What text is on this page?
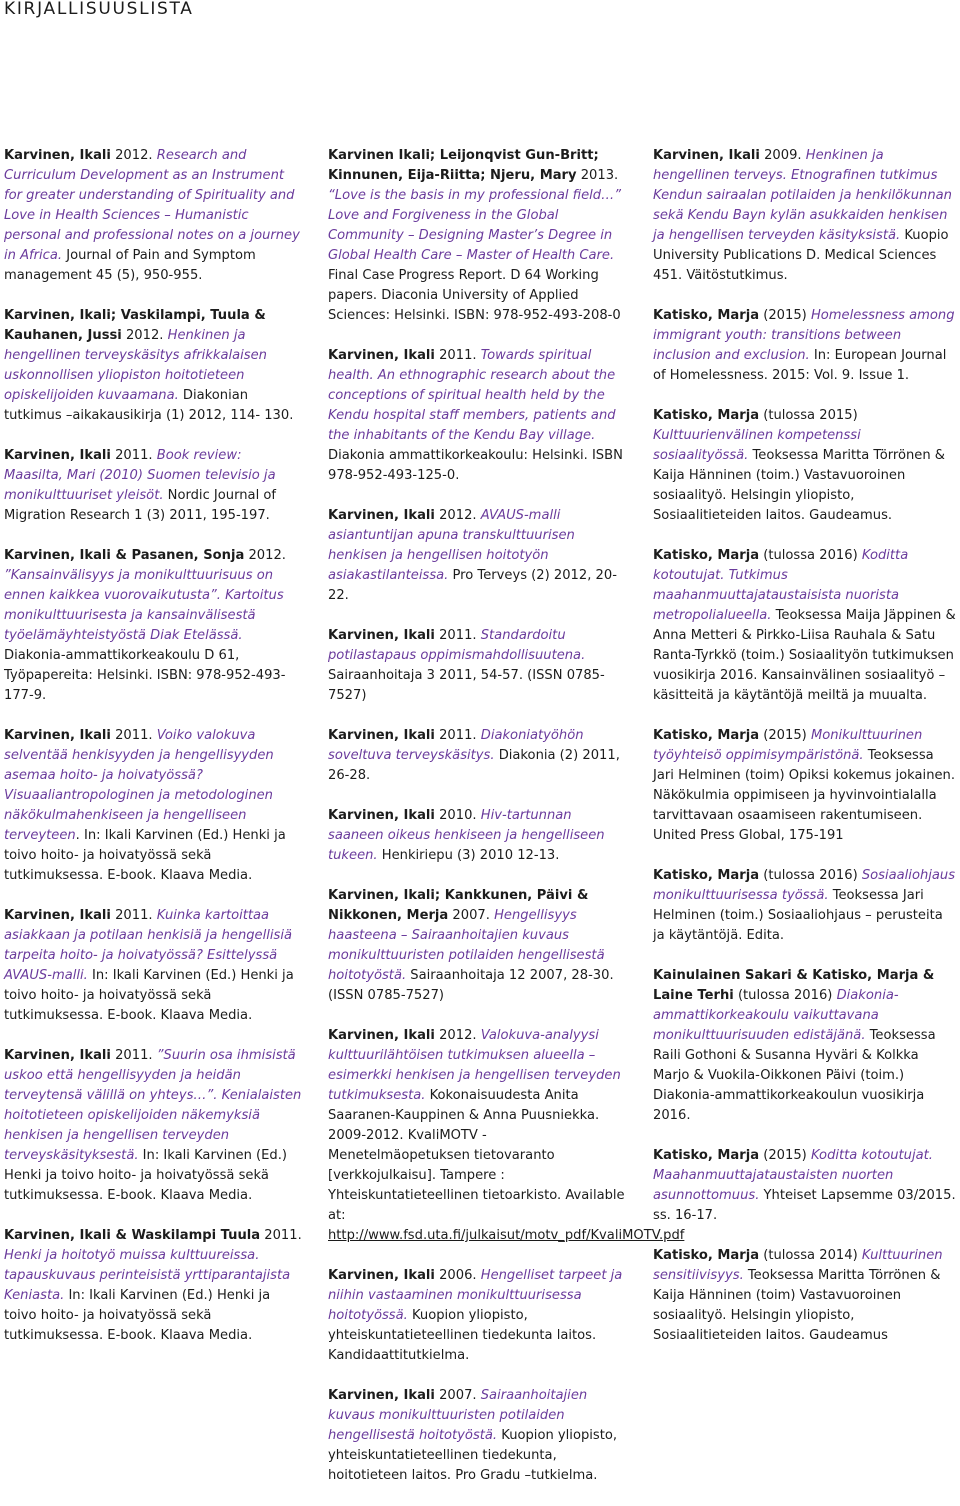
KIRJALLISUUSLISTA

Karvinen, Ikali 2012. Research and Curriculum Development as an Instrument for greater understanding of Spirituality and Love in Health Sciences – Humanistic personal and professional notes on a journey in Africa. Journal of Pain and Symptom management 45 (5), 950-955.

Karvinen, Ikali; Vaskilampi, Tuula & Kauhanen, Jussi 2012. Henkinen ja hengellinen terveyskäsitys afrikkalaisen uskonnollisen yliopiston hoitotieteen opiskelijoiden kuvaamana. Diakonian tutkimus –aikakausikirja (1) 2012, 114- 130.

Karvinen, Ikali 2011. Book review: Maasilta, Mari (2010) Suomen televisio ja monikulttuuriset yleisöt. Nordic Journal of Migration Research 1 (3) 2011, 195-197.

Karvinen, Ikali & Pasanen, Sonja 2012. ”Kansainvälisyys ja monikulttuurisuus on ennen kaikkea vuorovaikutusta”. Kartoitus monikulttuurisesta ja kansainvälisestä työelämäyhteistyöstä Diak Etelässä. Diakonia-ammattikorkeakoulu D 61, Työpapereita: Helsinki. ISBN: 978-952-493-177-9.

Karvinen, Ikali 2011. Voiko valokuva selventää henkisyyden ja hengellisyyden asemaa hoito- ja hoivatyössä? Visuaaliantropologinen ja metodologinen näkökulmahenkiseen ja hengelliseen terveyteen. In: Ikali Karvinen (Ed.) Henki ja toivo hoito- ja hoivatyössä sekä tutkimuksessa. E-book. Klaava Media.

Karvinen, Ikali 2011. Kuinka kartoittaa asiakkaan ja potilaan henkisiä ja hengellisiä tarpeita hoito- ja hoivatyössä? Esittelyssä AVAUS-malli. In: Ikali Karvinen (Ed.) Henki ja toivo hoito- ja hoivatyössä sekä tutkimuksessa. E-book. Klaava Media.

Karvinen, Ikali 2011. ”Suurin osa ihmisistä uskoo että hengellisyyden ja heidän terveytensä välillä on yhteys…”. Kenialaisten hoitotieteen opiskelijoiden näkemyksiä henkisen ja hengellisen terveyden terveyskäsityksestä. In: Ikali Karvinen (Ed.) Henki ja toivo hoito- ja hoivatyössä sekä tutkimuksessa. E-book. Klaava Media.

Karvinen, Ikali & Waskilampi Tuula 2011. Henki ja hoitotyö muissa kulttuureissa. tapauskuvaus perinteisistä yrttiparantajista Keniasta. In: Ikali Karvinen (Ed.) Henki ja toivo hoito- ja hoivatyössä sekä tutkimuksessa. E-book. Klaava Media.

Karvinen Ikali; Leijonqvist Gun-Britt; Kinnunen, Eija-Riitta; Njeru, Mary 2013. “Love is the basis in my professional field…” Love and Forgiveness in the Global Community – Designing Master’s Degree in Global Health Care – Master of Health Care. Final Case Progress Report. D 64 Working papers. Diaconia University of Applied Sciences: Helsinki. ISBN: 978-952-493-208-0

Karvinen, Ikali 2011. Towards spiritual health. An ethnographic research about the conceptions of spiritual health held by the Kendu hospital staff members, patients and the inhabitants of the Kendu Bay village. Diakonia ammattikorkeakoulu: Helsinki. ISBN 978-952-493-125-0.

Karvinen, Ikali 2012. AVAUS-malli asiantuntijan apuna transkulttuurisen henkisen ja hengellisen hoitotyön asiakastilanteissa. Pro Terveys (2) 2012, 20-22.

Karvinen, Ikali 2011. Standardoitu potilastapaus oppimismahdollisuutena. Sairaanhoitaja 3 2011, 54-57. (ISSN 0785-7527)

Karvinen, Ikali 2011. Diakoniatyöhön soveltuva terveyskäsitys. Diakonia (2) 2011, 26-28.

Karvinen, Ikali 2010. Hiv-tartunnan saaneen oikeus henkiseen ja hengelliseen tukeen. Henkiriepu (3) 2010 12-13.

Karvinen, Ikali; Kankkunen, Päivi & Nikkonen, Merja 2007. Hengellisyys haasteena – Sairaanhoitajien kuvaus monikulttuuristen potilaiden hengellisestä hoitotyöstä. Sairaanhoitaja 12 2007, 28-30. (ISSN 0785-7527)

Karvinen, Ikali 2012. Valokuva-analyysi kulttuurilähtöisen tutkimuksen alueella – esimerkki henkisen ja hengellisen terveyden tutkimuksesta. Kokonaisuudesta Anita Saaranen-Kauppinen & Anna Puusniekka. 2009-2012. KvaliMOTV - Menetelmäopetuksen tietovaranto [verkkojulkaisu]. Tampere : Yhteiskuntatieteellinen tietoarkisto. Available at: http://www.fsd.uta.fi/julkaisut/motv_pdf/KvaliMOTV.pdf

Karvinen, Ikali 2006. Hengelliset tarpeet ja niihin vastaaminen monikulttuurisessa hoitotyössä. Kuopion yliopisto, yhteiskuntatieteellinen tiedekunta laitos. Kandidaattitutkielma.

Karvinen, Ikali 2007. Sairaanhoitajien kuvaus monikulttuuristen potilaiden hengellisestä hoitotyöstä. Kuopion yliopisto, yhteiskuntatieteellinen tiedekunta, hoitotieteen laitos. Pro Gradu –tutkielma.

Karvinen, Ikali 2009. Henkinen ja hengellinen terveys. Etnografinen tutkimus Kendun sairaalan potilaiden ja henkilökunnan sekä Kendu Bayn kylän asukkaiden henkisen ja hengellisen terveyden käsityksistä. Kuopio University Publications D. Medical Sciences 451. Väitöstutkimus.

Katisko, Marja (2015) Homelessness among immigrant youth: transitions between inclusion and exclusion. In: European Journal of Homelessness. 2015: Vol. 9. Issue 1.

Katisko, Marja (tulossa 2015) Kulttuurienvälinen kompetenssi sosiaalityössä. Teoksessa Maritta Törrönen & Kaija Hänninen (toim.) Vastavuoroinen sosiaalityö. Helsingin yliopisto, Sosiaalitieteiden laitos. Gaudeamus.

Katisko, Marja (tulossa 2016) Kodittа kotoutujat. Tutkimus maahanmuuttajataustaisista nuorista metropolialueella. Teoksessa Maija Jäppinen & Anna Metteri & Pirkko-Liisa Rauhala & Satu Ranta-Tyrkkö (toim.) Sosiaalityön tutkimuksen vuosikirja 2016. Kansainvälinen sosiaalityö – käsitteitä ja käytäntöjä meiltä ja muualta.

Katisko, Marja (2015) Monikulttuurinen työyhteisö oppimisympäristönä. Teoksessa Jari Helminen (toim) Opiksi kokemus jokainen. Näkökulmia oppimiseen ja hyvinvointialalla tarvittavaan osaamiseen rakentumiseen. United Press Global, 175-191

Katisko, Marja (tulossa 2016) Sosiaaliohjaus monikulttuurisessa työssä. Teoksessa Jari Helminen (toim.) Sosiaaliohjaus – perusteita ja käytäntöjä. Edita.

Kainulainen Sakari & Katisko, Marja & Laine Terhi (tulossa 2016) Diakonia-ammattikorkeakoulu vaikuttavana monikulttuurisuuden edistäjänä. Teoksessa Raili Gothoni & Susanna Hyväri & Kolkka Marjo & Vuokila-Oikkonen Päivi (toim.) Diakonia-ammattikorkeakoulun vuosikirja 2016.

Katisko, Marja (2015) Kodittа kotoutujat. Maahanmuuttajataustaisten nuorten asunnottomuus. Yhteiset Lapsemme 03/2015. ss. 16-17.

Katisko, Marja (tulossa 2014) Kulttuurinen sensitiivisyys. Teoksessa Maritta Törrönen & Kaija Hänninen (toim) Vastavuoroinen sosiaalityö. Helsingin yliopisto, Sosiaalitieteiden laitos. Gaudeamus
